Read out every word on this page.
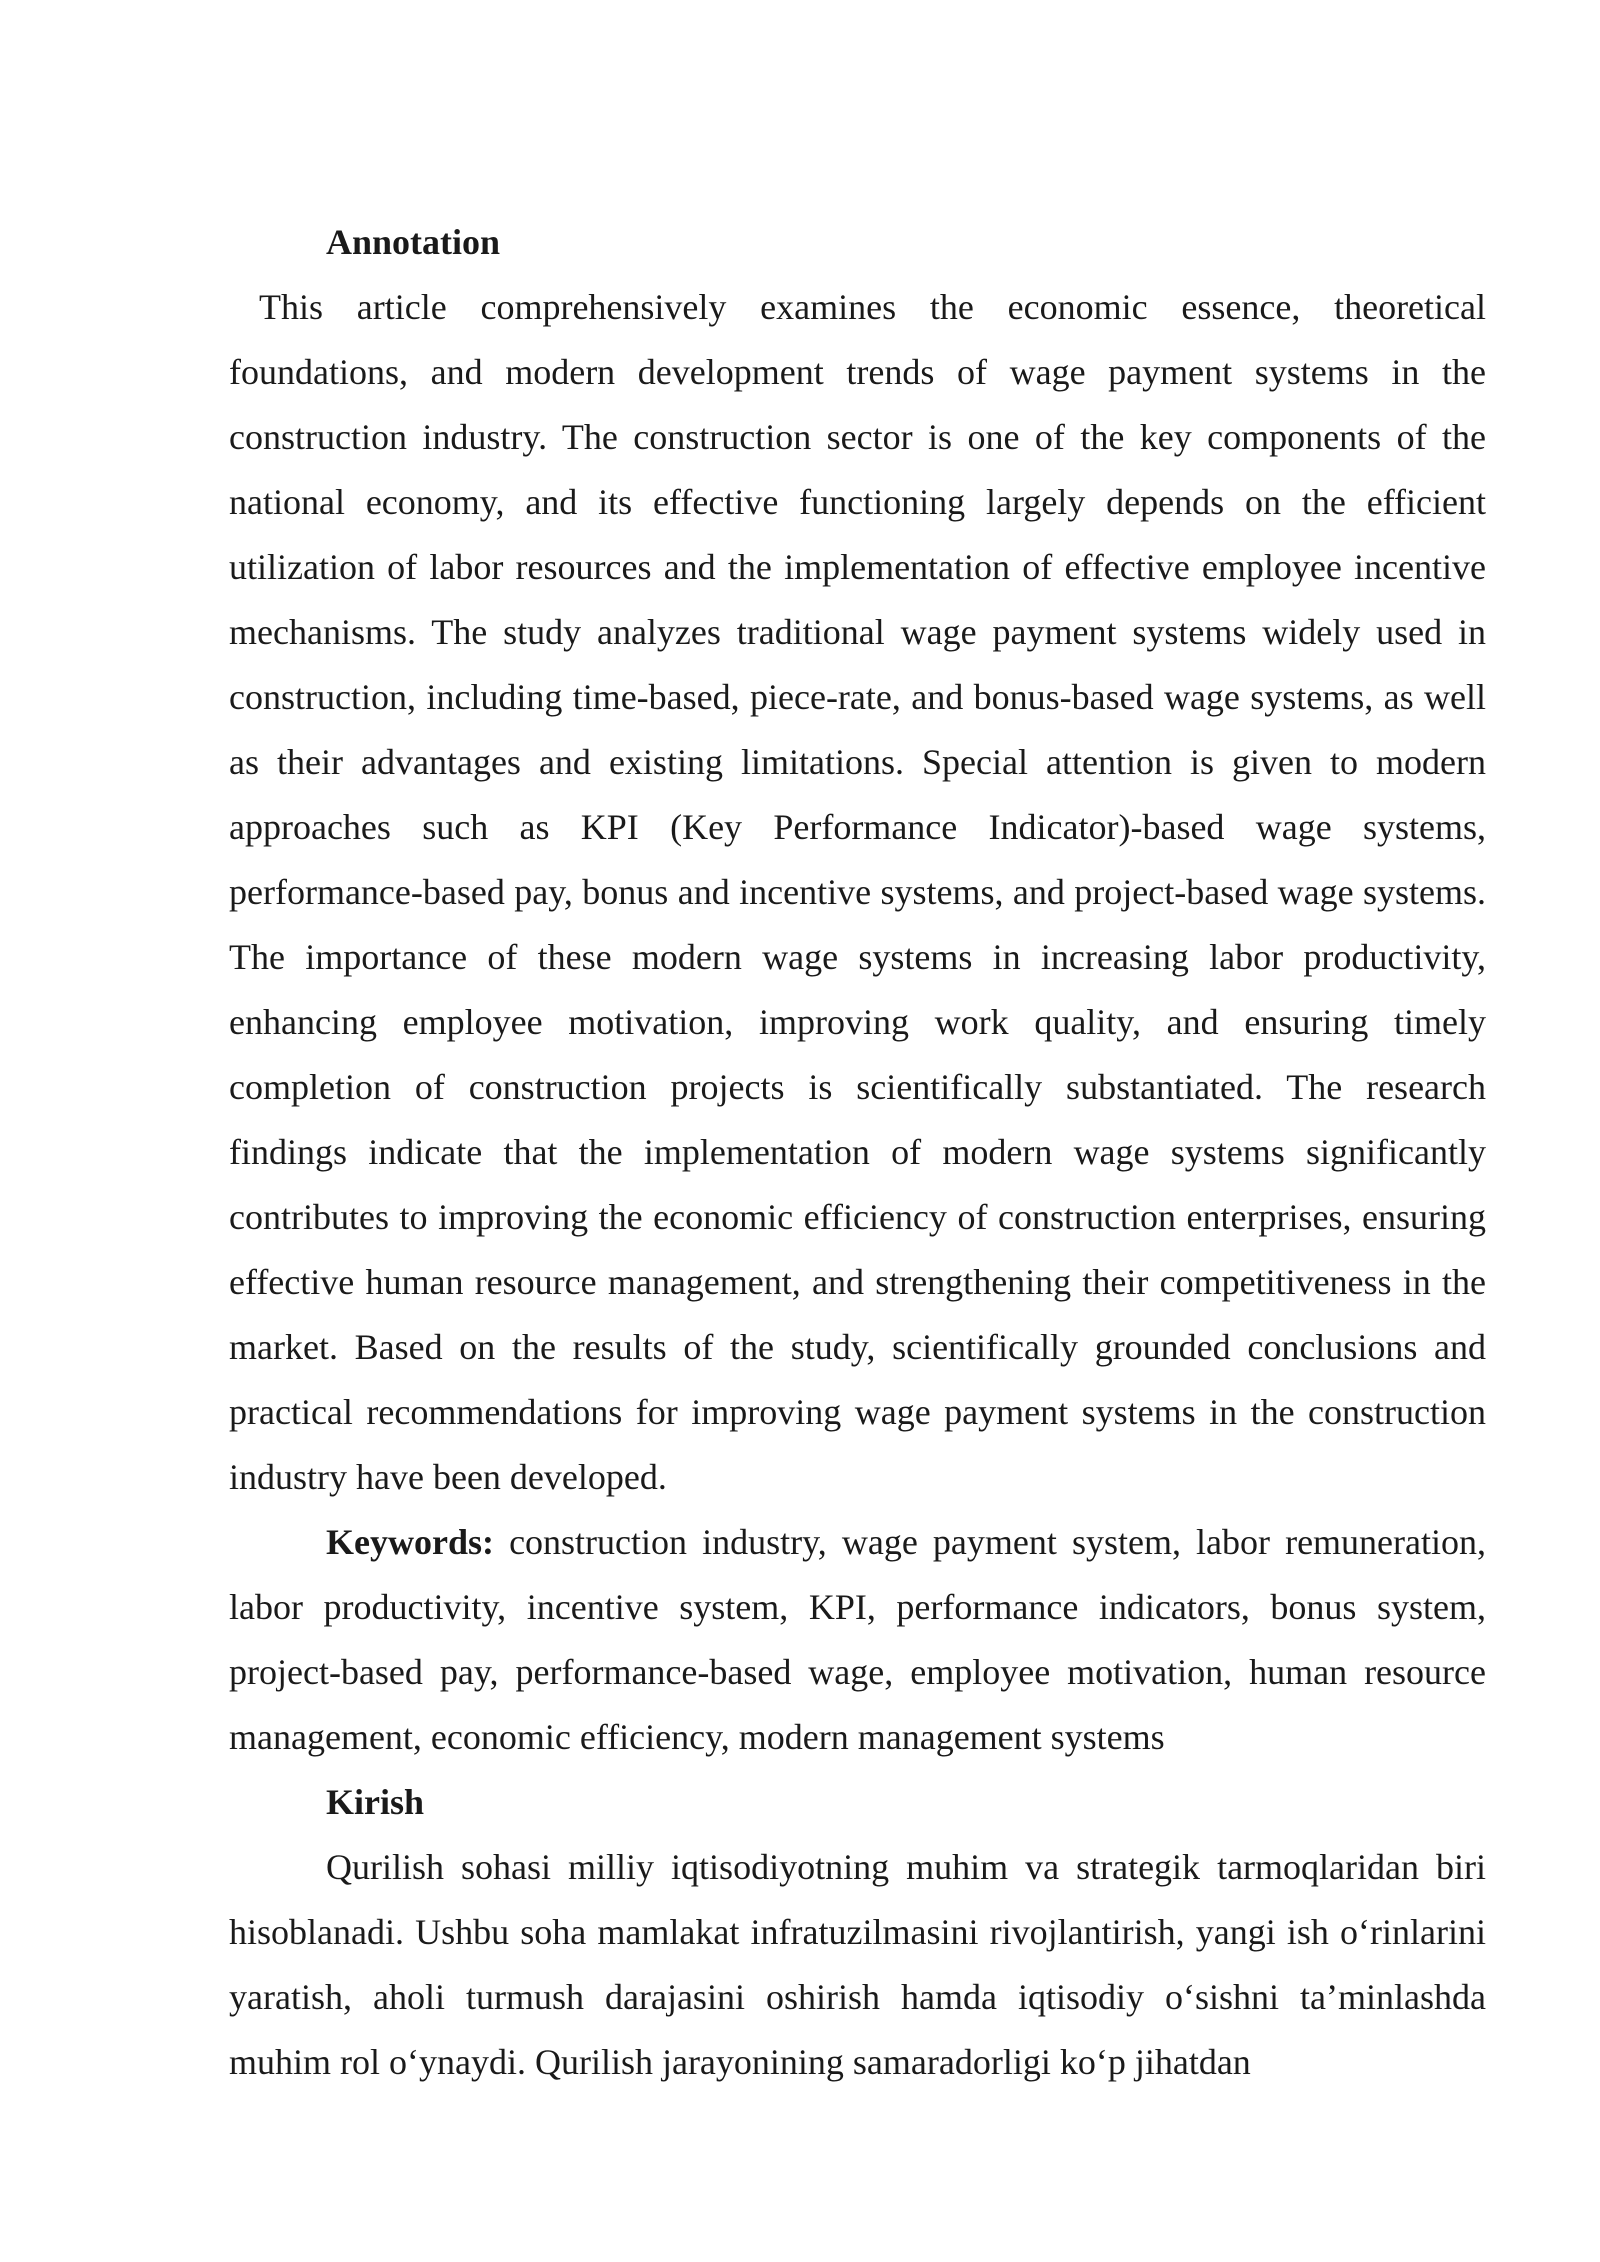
Annotation

This article comprehensively examines the economic essence, theoretical foundations, and modern development trends of wage payment systems in the construction industry. The construction sector is one of the key components of the national economy, and its effective functioning largely depends on the efficient utilization of labor resources and the implementation of effective employee incentive mechanisms. The study analyzes traditional wage payment systems widely used in construction, including time-based, piece-rate, and bonus-based wage systems, as well as their advantages and existing limitations. Special attention is given to modern approaches such as KPI (Key Performance Indicator)-based wage systems, performance-based pay, bonus and incentive systems, and project-based wage systems. The importance of these modern wage systems in increasing labor productivity, enhancing employee motivation, improving work quality, and ensuring timely completion of construction projects is scientifically substantiated. The research findings indicate that the implementation of modern wage systems significantly contributes to improving the economic efficiency of construction enterprises, ensuring effective human resource management, and strengthening their competitiveness in the market. Based on the results of the study, scientifically grounded conclusions and practical recommendations for improving wage payment systems in the construction industry have been developed.

Keywords: construction industry, wage payment system, labor remuneration, labor productivity, incentive system, KPI, performance indicators, bonus system, project-based pay, performance-based wage, employee motivation, human resource management, economic efficiency, modern management systems

Kirish

Qurilish sohasi milliy iqtisodiyotning muhim va strategik tarmoqlaridan biri hisoblanadi. Ushbu soha mamlakat infratuzilmasini rivojlantirish, yangi ish o‘rinlarini yaratish, aholi turmush darajasini oshirish hamda iqtisodiy o‘sishni ta’minlashda muhim rol o‘ynaydi. Qurilish jarayonining samaradorligi ko‘p jihatdan
